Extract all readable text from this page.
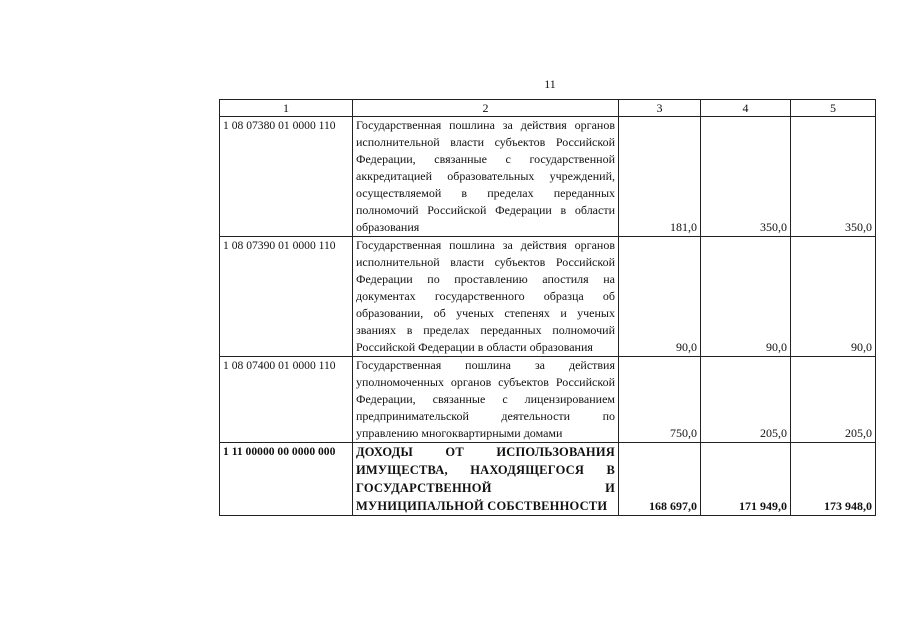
11
1	2	3	4	5
1 08 07380 01 0000 110	Государственная пошлина за действия органов исполнительной власти субъектов Российской Федерации, связанные с государственной аккредитацией образовательных учреждений, осуществляемой в пределах переданных полномочий Российской Федерации в области образования	181,0	350,0	350,0
1 08 07390 01 0000 110	Государственная пошлина за действия органов исполнительной власти субъектов Российской Федерации по проставлению апостиля на документах государственного образца об образовании, об ученых степенях и ученых званиях в пределах переданных полномочий Российской Федерации в области образования	90,0	90,0	90,0
1 08 07400 01 0000 110	Государственная пошлина за действия уполномоченных органов субъектов Российской Федерации, связанные с лицензированием предпринимательской деятельности по управлению многоквартирными домами	750,0	205,0	205,0
1 11 00000 00 0000 000	ДОХОДЫ ОТ ИСПОЛЬЗОВАНИЯ ИМУЩЕСТВА, НАХОДЯЩЕГОСЯ В ГОСУДАРСТВЕННОЙ И МУНИЦИПАЛЬНОЙ СОБСТВЕННОСТИ	168 697,0	171 949,0	173 948,0
